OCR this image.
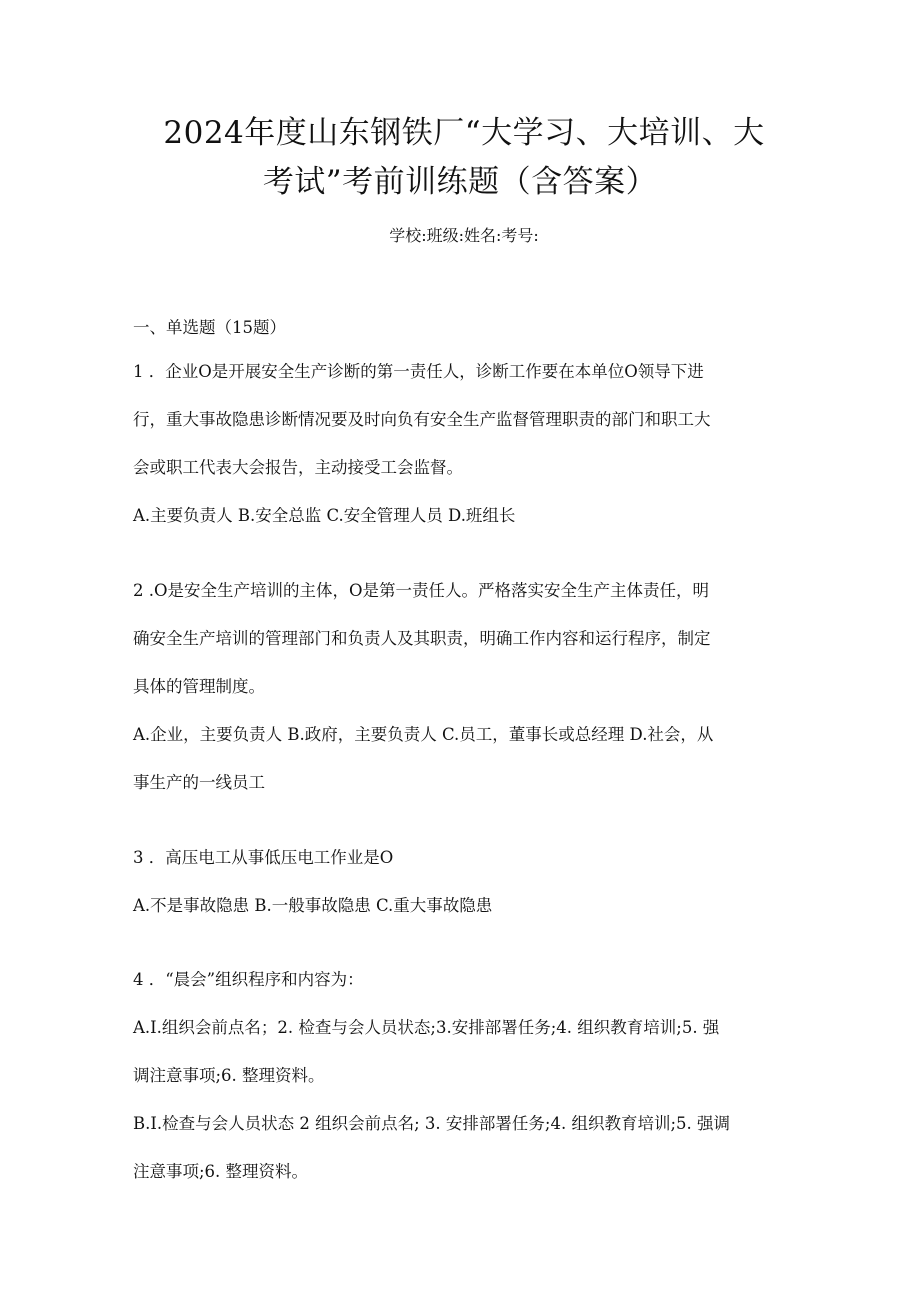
2024年度山东钢铁厂“大学习、大培训、大
考试”考前训练题（含答案）
学校:班级:姓名:考号:
一、单选题（15题）
1 ．企业O是开展安全生产诊断的第一责任人，诊断工作要在本单位O领导下进
行，重大事故隐患诊断情况要及时向负有安全生产监督管理职责的部门和职工大
会或职工代表大会报告，主动接受工会监督。
A.主要负责人 B.安全总监 C.安全管理人员 D.班组长
2 .O是安全生产培训的主体，O是第一责任人。严格落实安全生产主体责任，明
确安全生产培训的管理部门和负责人及其职责，明确工作内容和运行程序，制定
具体的管理制度。
A.企业，主要负责人 B.政府，主要负责人 C.员工，董事长或总经理 D.社会，从
事生产的一线员工
3 ．高压电工从事低压电工作业是O
A.不是事故隐患 B.一般事故隐患 C.重大事故隐患
4 ．“晨会”组织程序和内容为：
A.I.组织会前点名；2. 检查与会人员状态;3.安排部署任务;4. 组织教育培训;5. 强
调注意事项;6. 整理资料。
B.I.检查与会人员状态 2 组织会前点名; 3. 安排部署任务;4. 组织教育培训;5. 强调
注意事项;6. 整理资料。
